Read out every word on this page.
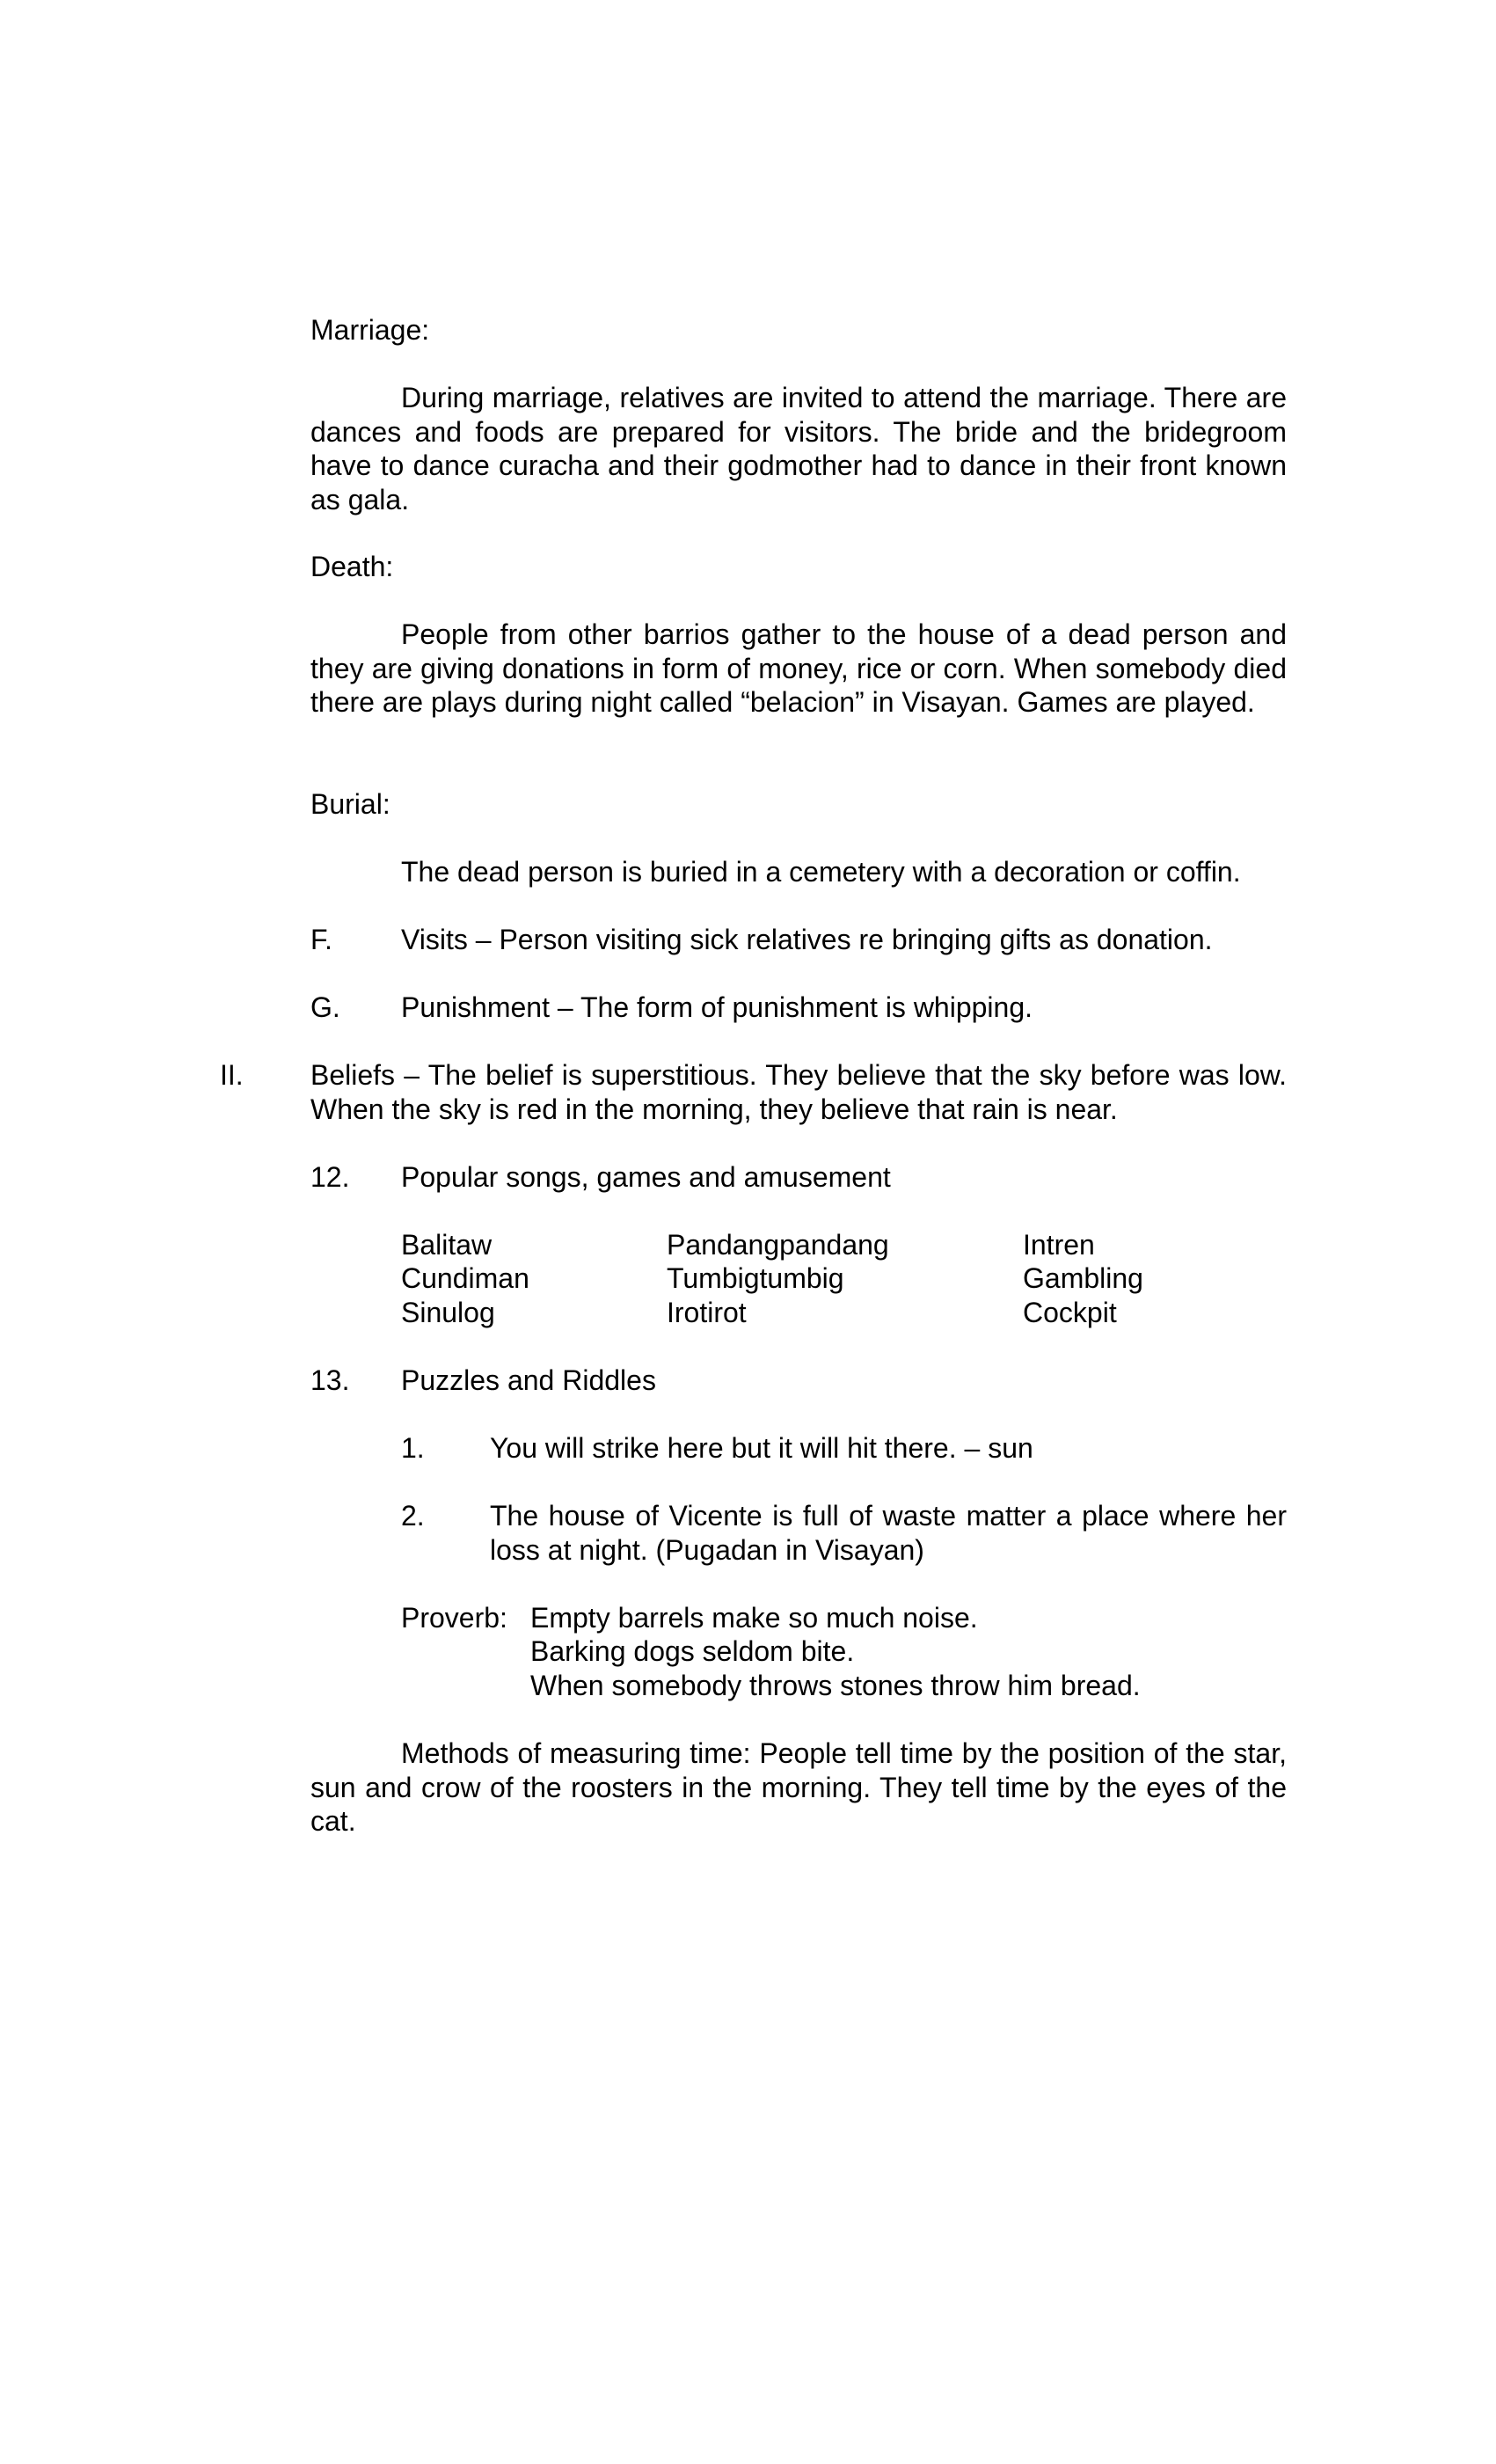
Marriage:

During marriage, relatives are invited to attend the marriage. There are dances and foods are prepared for visitors. The bride and the bridegroom have to dance curacha and their godmother had to dance in their front known as gala.

Death:

People from other barrios gather to the house of a dead person and they are giving donations in form of money, rice or corn. When somebody died there are plays during night called “belacion” in Visayan. Games are played.

Burial:
The dead person is buried in a cemetery with a decoration or coffin.
F. Visits – Person visiting sick relatives re bringing gifts as donation.
G. Punishment – The form of punishment is whipping.
II. Beliefs – The belief is superstitious. They believe that the sky before was low. When the sky is red in the morning, they believe that rain is near.

12. Popular songs, games and amusement
Balitaw
Cundiman
Sinulog
Pandangpandang
Tumbigtumbig
Irotirot
Intren
Gambling
Cockpit
13. Puzzles and Riddles
1. You will strike here but it will hit there. – sun
2. The house of Vicente is full of waste matter a place where her loss at night. (Pugadan in Visayan)

Proverb: Empty barrels make so much noise.
Barking dogs seldom bite.
When somebody throws stones throw him bread.

Methods of measuring time: People tell time by the position of the star, sun and crow of the roosters in the morning. They tell time by the eyes of the cat.
